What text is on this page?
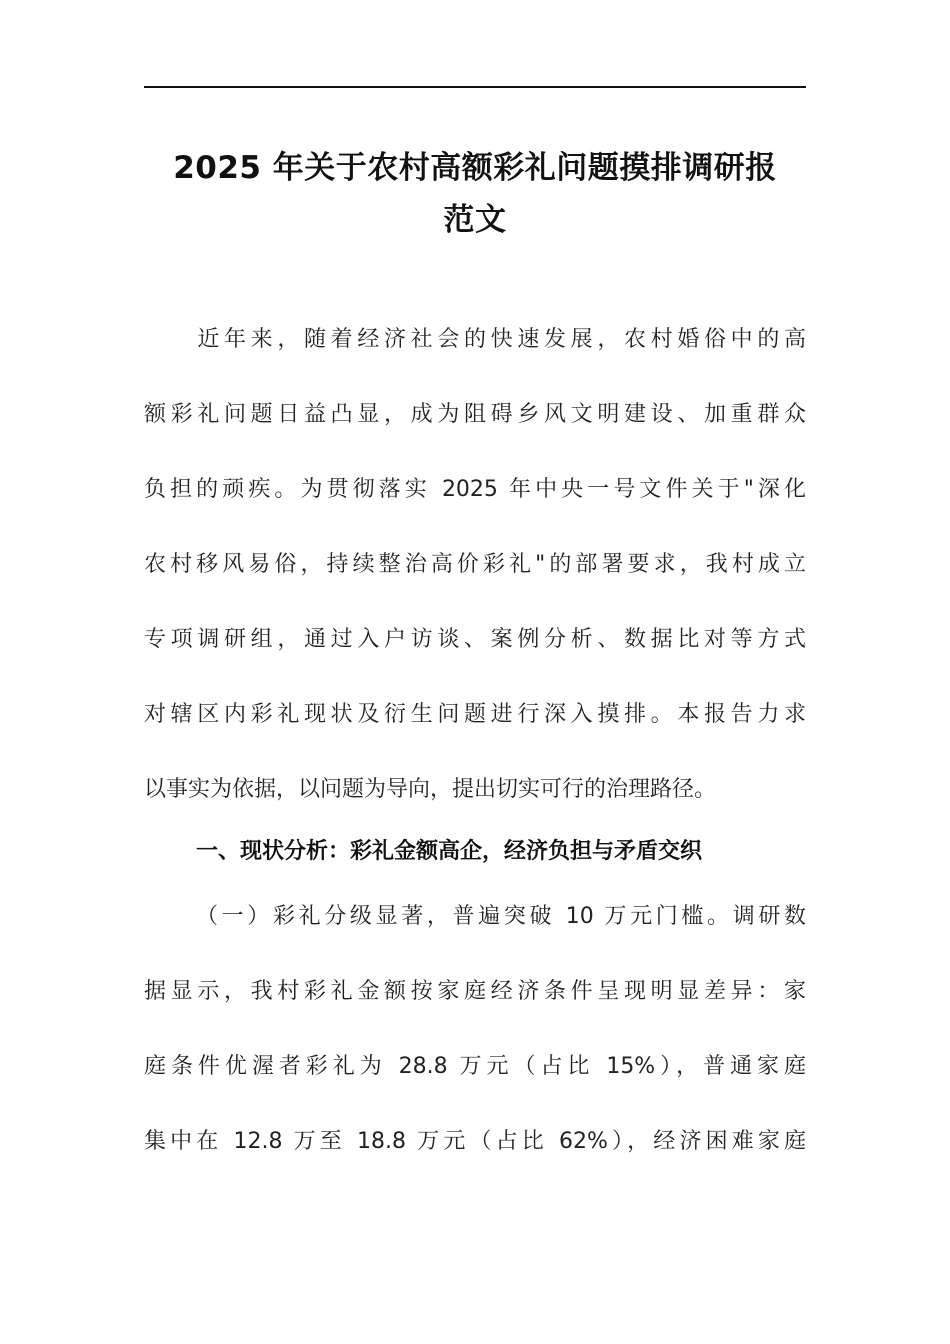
2025 年关于农村高额彩礼问题摸排调研报
范文
　　近年来，随着经济社会的快速发展，农村婚俗中的高
额彩礼问题日益凸显，成为阻碍乡风文明建设、加重群众
负担的顽疾。为贯彻落实 2025 年中央一号文件关于"深化
农村移风易俗，持续整治高价彩礼"的部署要求，我村成立
专项调研组，通过入户访谈、案例分析、数据比对等方式
对辖区内彩礼现状及衍生问题进行深入摸排。本报告力求
以事实为依据，以问题为导向，提出切实可行的治理路径。
一、现状分析：彩礼金额高企，经济负担与矛盾交织
（一）彩礼分级显著，普遍突破 10 万元门槛。调研数
据显示，我村彩礼金额按家庭经济条件呈现明显差异：家
庭条件优渥者彩礼为 28.8 万元（占比 15%），普通家庭
集中在 12.8 万至 18.8 万元（占比 62%），经济困难家庭
